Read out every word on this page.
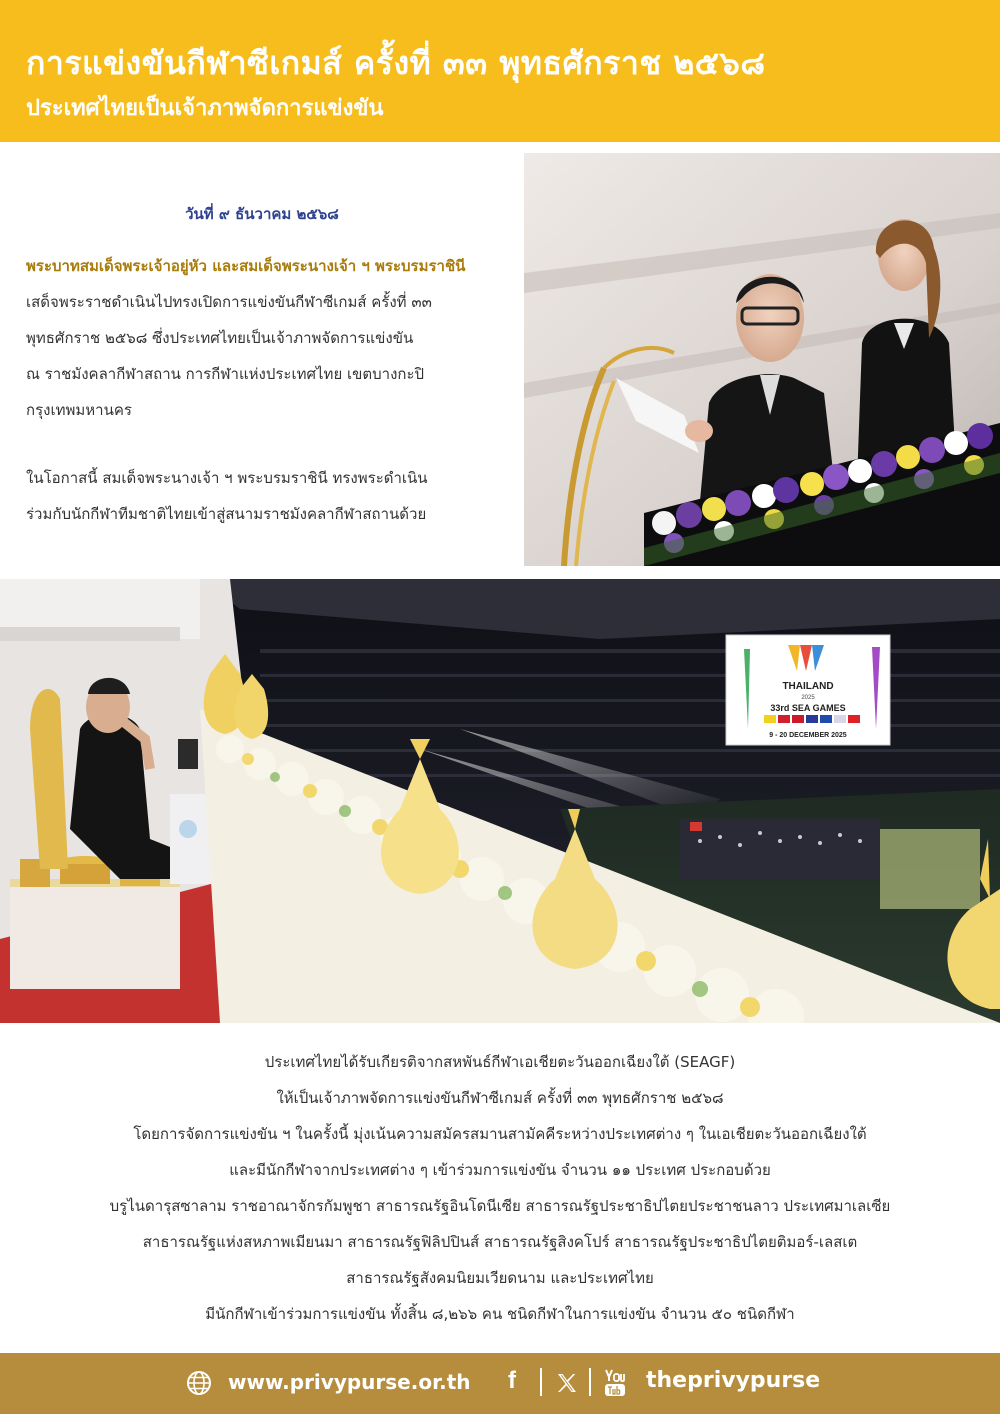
การแข่งขันกีฬาซีเกมส์ ครั้งที่ ๓๓ พุทธศักราช ๒๕๖๘
ประเทศไทยเป็นเจ้าภาพจัดการแข่งขัน
วันที่ ๙ ธันวาคม ๒๕๖๘
พระบาทสมเด็จพระเจ้าอยู่หัว และสมเด็จพระนางเจ้า ฯ พระบรมราชินี
เสด็จพระราชดำเนินไปทรงเปิดการแข่งขันกีฬาซีเกมส์ ครั้งที่ ๓๓
พุทธศักราช ๒๕๖๘ ซึ่งประเทศไทยเป็นเจ้าภาพจัดการแข่งขัน
ณ ราชมังคลากีฬาสถาน การกีฬาแห่งประเทศไทย เขตบางกะปิ
กรุงเทพมหานคร
ในโอกาสนี้ สมเด็จพระนางเจ้า ฯ พระบรมราชินี ทรงพระดำเนิน
ร่วมกับนักกีฬาทีมชาติไทยเข้าสู่สนามราชมังคลากีฬาสถานด้วย
THAILAND
2025
33rd SEA GAMES
9 - 20 DECEMBER 2025
ประเทศไทยได้รับเกียรติจากสหพันธ์กีฬาเอเชียตะวันออกเฉียงใต้ (SEAGF)
ให้เป็นเจ้าภาพจัดการแข่งขันกีฬาซีเกมส์ ครั้งที่ ๓๓ พุทธศักราช ๒๕๖๘
โดยการจัดการแข่งขัน ฯ ในครั้งนี้ มุ่งเน้นความสมัครสมานสามัคคีระหว่างประเทศต่าง ๆ ในเอเชียตะวันออกเฉียงใต้
และมีนักกีฬาจากประเทศต่าง ๆ เข้าร่วมการแข่งขัน จำนวน ๑๑ ประเทศ ประกอบด้วย
บรูไนดารุสซาลาม ราชอาณาจักรกัมพูชา สาธารณรัฐอินโดนีเซีย สาธารณรัฐประชาธิปไตยประชาชนลาว ประเทศมาเลเซีย
สาธารณรัฐแห่งสหภาพเมียนมา สาธารณรัฐฟิลิปปินส์ สาธารณรัฐสิงคโปร์ สาธารณรัฐประชาธิปไตยติมอร์-เลสเต
สาธารณรัฐสังคมนิยมเวียดนาม และประเทศไทย
มีนักกีฬาเข้าร่วมการแข่งขัน ทั้งสิ้น ๘,๒๖๖ คน ชนิดกีฬาในการแข่งขัน จำนวน ๕๐ ชนิดกีฬา
www.privypurse.or.th f	theprivypurse
